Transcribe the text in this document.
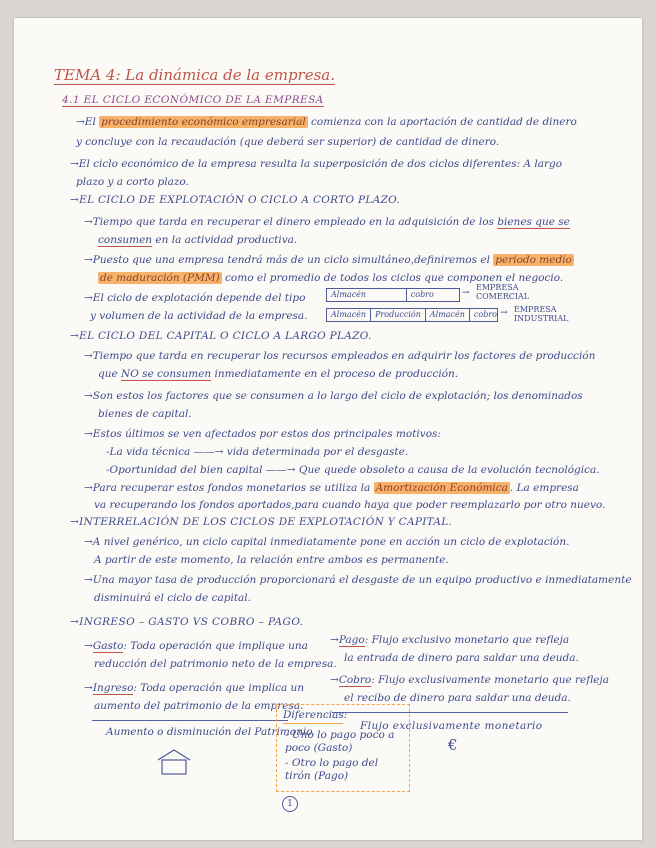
TEMA 4: La dinámica de la empresa.
4.1 EL CICLO ECONÓMICO DE LA EMPRESA
→El procedimiento económico empresarial comienza con la aportación de cantidad de dinero
y concluye con la recaudación (que deberá ser superior) de cantidad de dinero.
→El ciclo económico de la empresa resulta la superposición de dos ciclos diferentes: A largo
plazo y a corto plazo.
→EL CICLO DE EXPLOTACIÓN O CICLO A CORTO PLAZO.
→Tiempo que tarda en recuperar el dinero empleado en la adquisición de los bienes que se
consumen en la actividad productiva.
→Puesto que una empresa tendrá más de un ciclo simultáneo,definiremos el periodo medio
de maduración (PMM) como el promedio de todos los ciclos que componen el negocio.
→El ciclo de explotación depende del tipo
y volumen de la actividad de la empresa.
Almacén	cobro	→
EMPRESA COMERCIAL
Almacén	Producción	Almacén	cobro → EMPRESA INDUSTRIAL
→EL CICLO DEL CAPITAL O CICLO A LARGO PLAZO.
→Tiempo que tarda en recuperar los recursos empleados en adquirir los factores de producción
que NO se consumen inmediatamente en el proceso de producción.
→Son estos los factores que se consumen a lo largo del ciclo de explotación; los denominados
bienes de capital.
→Estos últimos se ven afectados por estos dos principales motivos:
-La vida técnica ——→ vida determinada por el desgaste.
-Oportunidad del bien capital ——→ Que quede obsoleto a causa de la evolución tecnológica.
→Para recuperar estos fondos monetarios se utiliza la Amortización Económica . La empresa
va recuperando los fondos aportados,para cuando haya que poder reemplazarlo por otro nuevo.
→INTERRELACIÓN DE LOS CICLOS DE EXPLOTACIÓN Y CAPITAL.
→A nivel genérico, un ciclo capital inmediatamente pone en acción un ciclo de explotación.
A partir de este momento, la relación entre ambos es permanente.
→Una mayor tasa de producción proporcionará el desgaste de un equipo productivo e inmediatamente
disminuirá el ciclo de capital.
→INGRESO – GASTO VS COBRO – PAGO.
→Gasto: Toda operación que implique una
reducción del patrimonio neto de la empresa.
→Ingreso: Toda operación que implica un
aumento del patrimonio de la empresa.
→Pago: Flujo exclusivo monetario que refleja
la entrada de dinero para saldar una deuda.
→Cobro: Flujo exclusivamente monetario que refleja
el recibo de dinero para saldar una deuda.
Aumento o disminución del Patrimonio	Flujo exclusivamente monetario
€
Diferencias:
- Uno lo pago poco a poco (Gasto)
- Otro lo pago del tirón (Pago)
1
